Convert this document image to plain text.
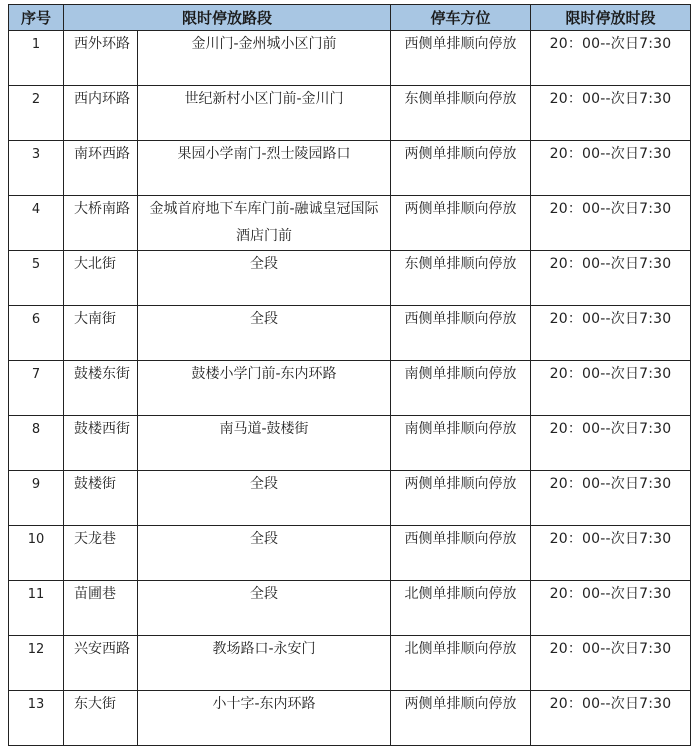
序号	限时停放路段		停车方位	限时停放时段
1	西外环路	金川门-金州城小区门前	西侧单排顺向停放	20：00--次日7:30
2	西内环路	世纪新村小区门前-金川门	东侧单排顺向停放	20：00--次日7:30
3	南环西路	果园小学南门-烈士陵园路口	两侧单排顺向停放	20：00--次日7:30
4	大桥南路	金城首府地下车库门前-融诚皇冠国际酒店门前	两侧单排顺向停放	20：00--次日7:30
5	大北街	全段	东侧单排顺向停放	20：00--次日7:30
6	大南街	全段	西侧单排顺向停放	20：00--次日7:30
7	鼓楼东街	鼓楼小学门前-东内环路	南侧单排顺向停放	20：00--次日7:30
8	鼓楼西街	南马道-鼓楼街	南侧单排顺向停放	20：00--次日7:30
9	鼓楼街	全段	两侧单排顺向停放	20：00--次日7:30
10	天龙巷	全段	西侧单排顺向停放	20：00--次日7:30
11	苗圃巷	全段	北侧单排顺向停放	20：00--次日7:30
12	兴安西路	教场路口-永安门	北侧单排顺向停放	20：00--次日7:30
13	东大街	小十字-东内环路	两侧单排顺向停放	20：00--次日7:30
